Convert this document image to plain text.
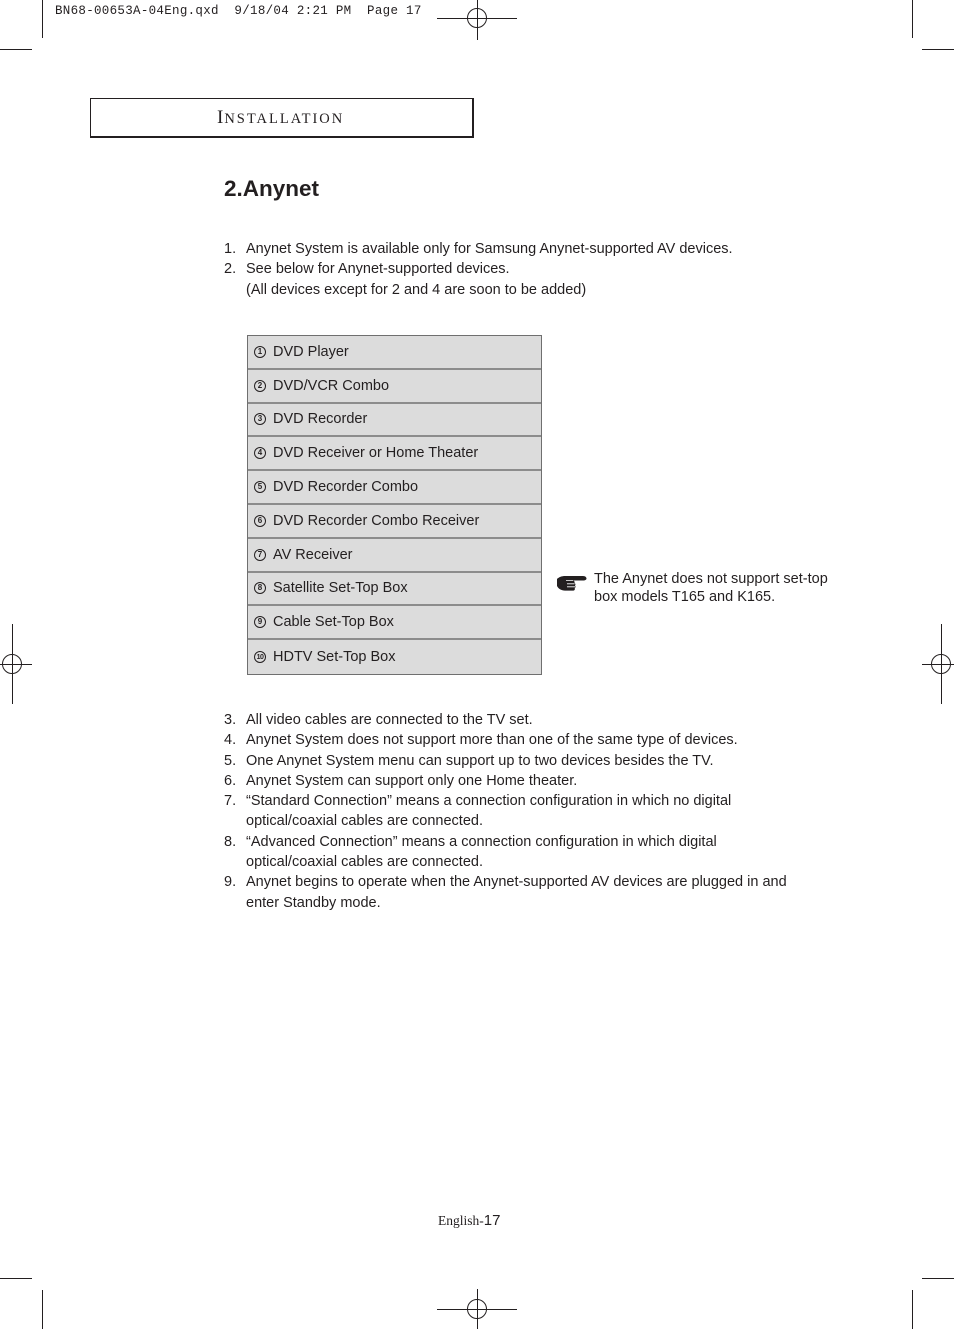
BN68-00653A-04Eng.qxd  9/18/04 2:21 PM  Page 17
INSTALLATION
2.Anynet
1. Anynet System is available only for Samsung Anynet-supported AV devices.
2. See below for Anynet-supported devices.
(All devices except for 2 and 4 are soon to be added)
1 DVD Player
2 DVD/VCR Combo
3 DVD Recorder
4 DVD Receiver or Home Theater
5 DVD Recorder Combo
6 DVD Recorder Combo Receiver
7 AV Receiver
8 Satellite Set-Top Box
9 Cable Set-Top Box
10 HDTV Set-Top Box
The Anynet does not support set-top box models T165 and K165.
3. All video cables are connected to the TV set.
4. Anynet System does not support more than one of the same type of devices.
5. One Anynet System menu can support up to two devices besides the TV.
6. Anynet System can support only one Home theater.
7. “Standard Connection” means a connection configuration in which no digital optical/coaxial cables are connected.
8. “Advanced Connection” means a connection configuration in which digital optical/coaxial cables are connected.
9. Anynet begins to operate when the Anynet-supported AV devices are plugged in and enter Standby mode.
English-17
